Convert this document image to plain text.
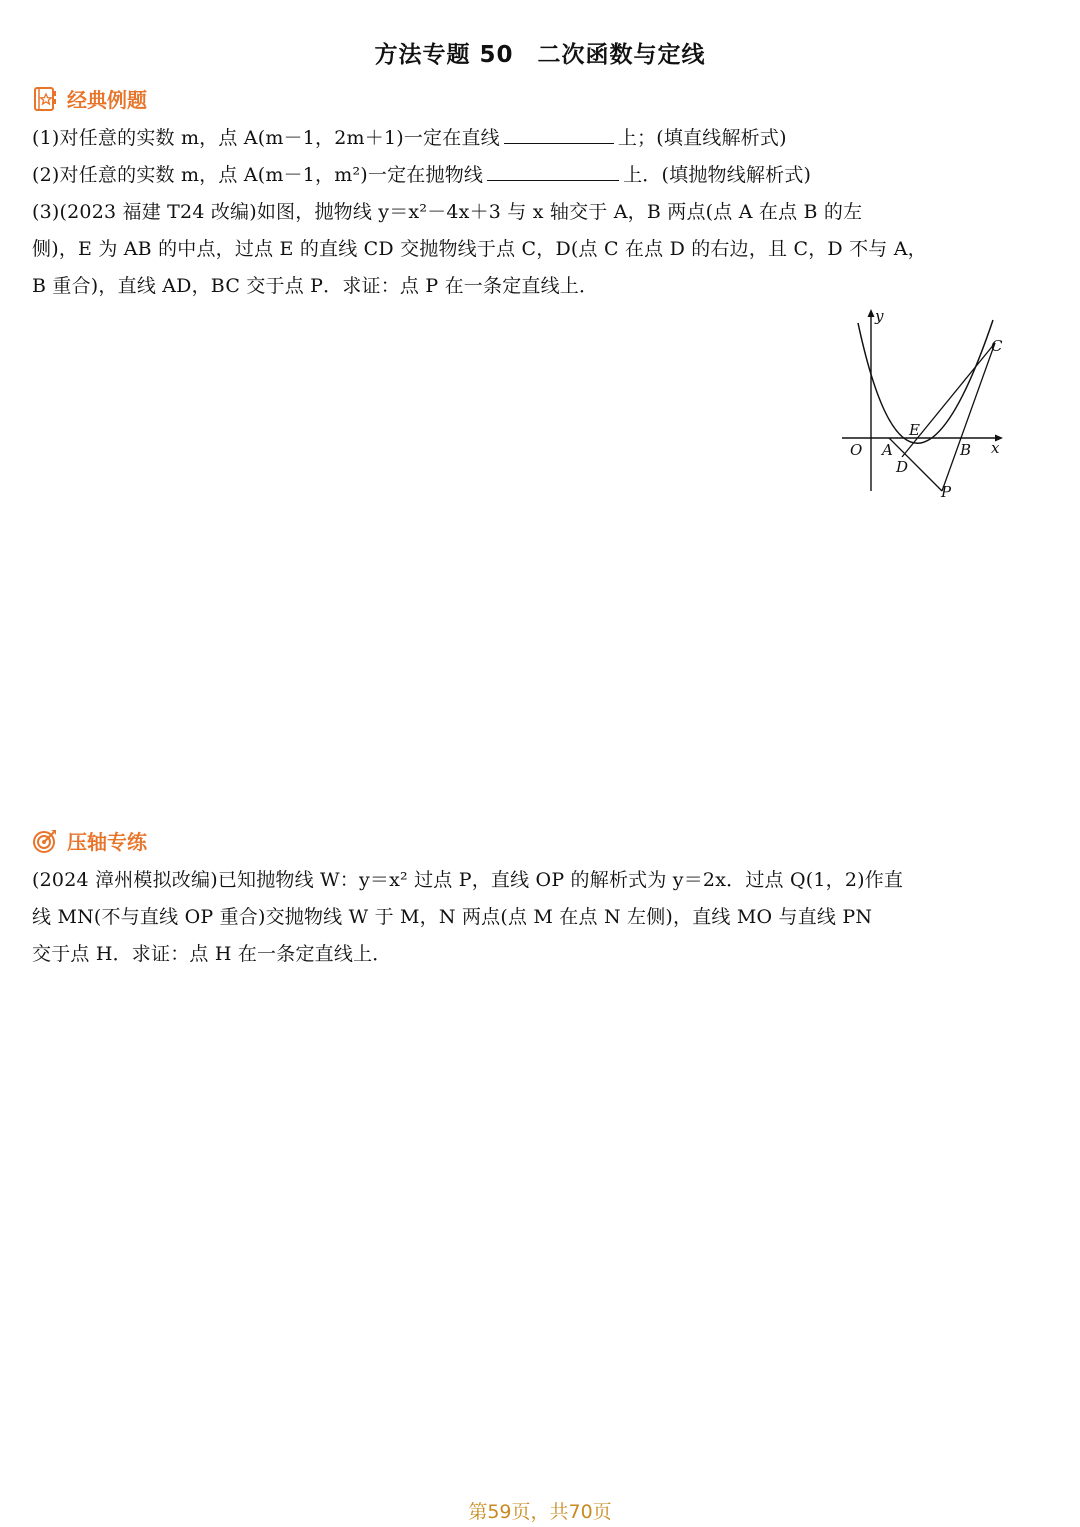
方法专题 50　二次函数与定线
经典例题
(1)对任意的实数 m，点 A(m－1，2m＋1)一定在直线	上；(填直线解析式)
(2)对任意的实数 m，点 A(m－1，m²)一定在抛物线	上．(填抛物线解析式)
(3)(2023 福建 T24 改编)如图，抛物线 y＝x²－4x＋3 与 x 轴交于 A，B 两点(点 A 在点 B 的左
侧)，E 为 AB 的中点，过点 E 的直线 CD 交抛物线于点 C，D(点 C 在点 D 的右边，且 C，D 不与 A，
B 重合)，直线 AD，BC 交于点 P．求证：点 P 在一条定直线上．
y
x
O A	B
C
D
E
P
压轴专练
(2024 漳州模拟改编)已知抛物线 W：y＝x² 过点 P，直线 OP 的解析式为 y＝2x．过点 Q(1，2)作直
线 MN(不与直线 OP 重合)交抛物线 W 于 M，N 两点(点 M 在点 N 左侧)，直线 MO 与直线 PN
交于点 H．求证：点 H 在一条定直线上．
第59页，共70页
